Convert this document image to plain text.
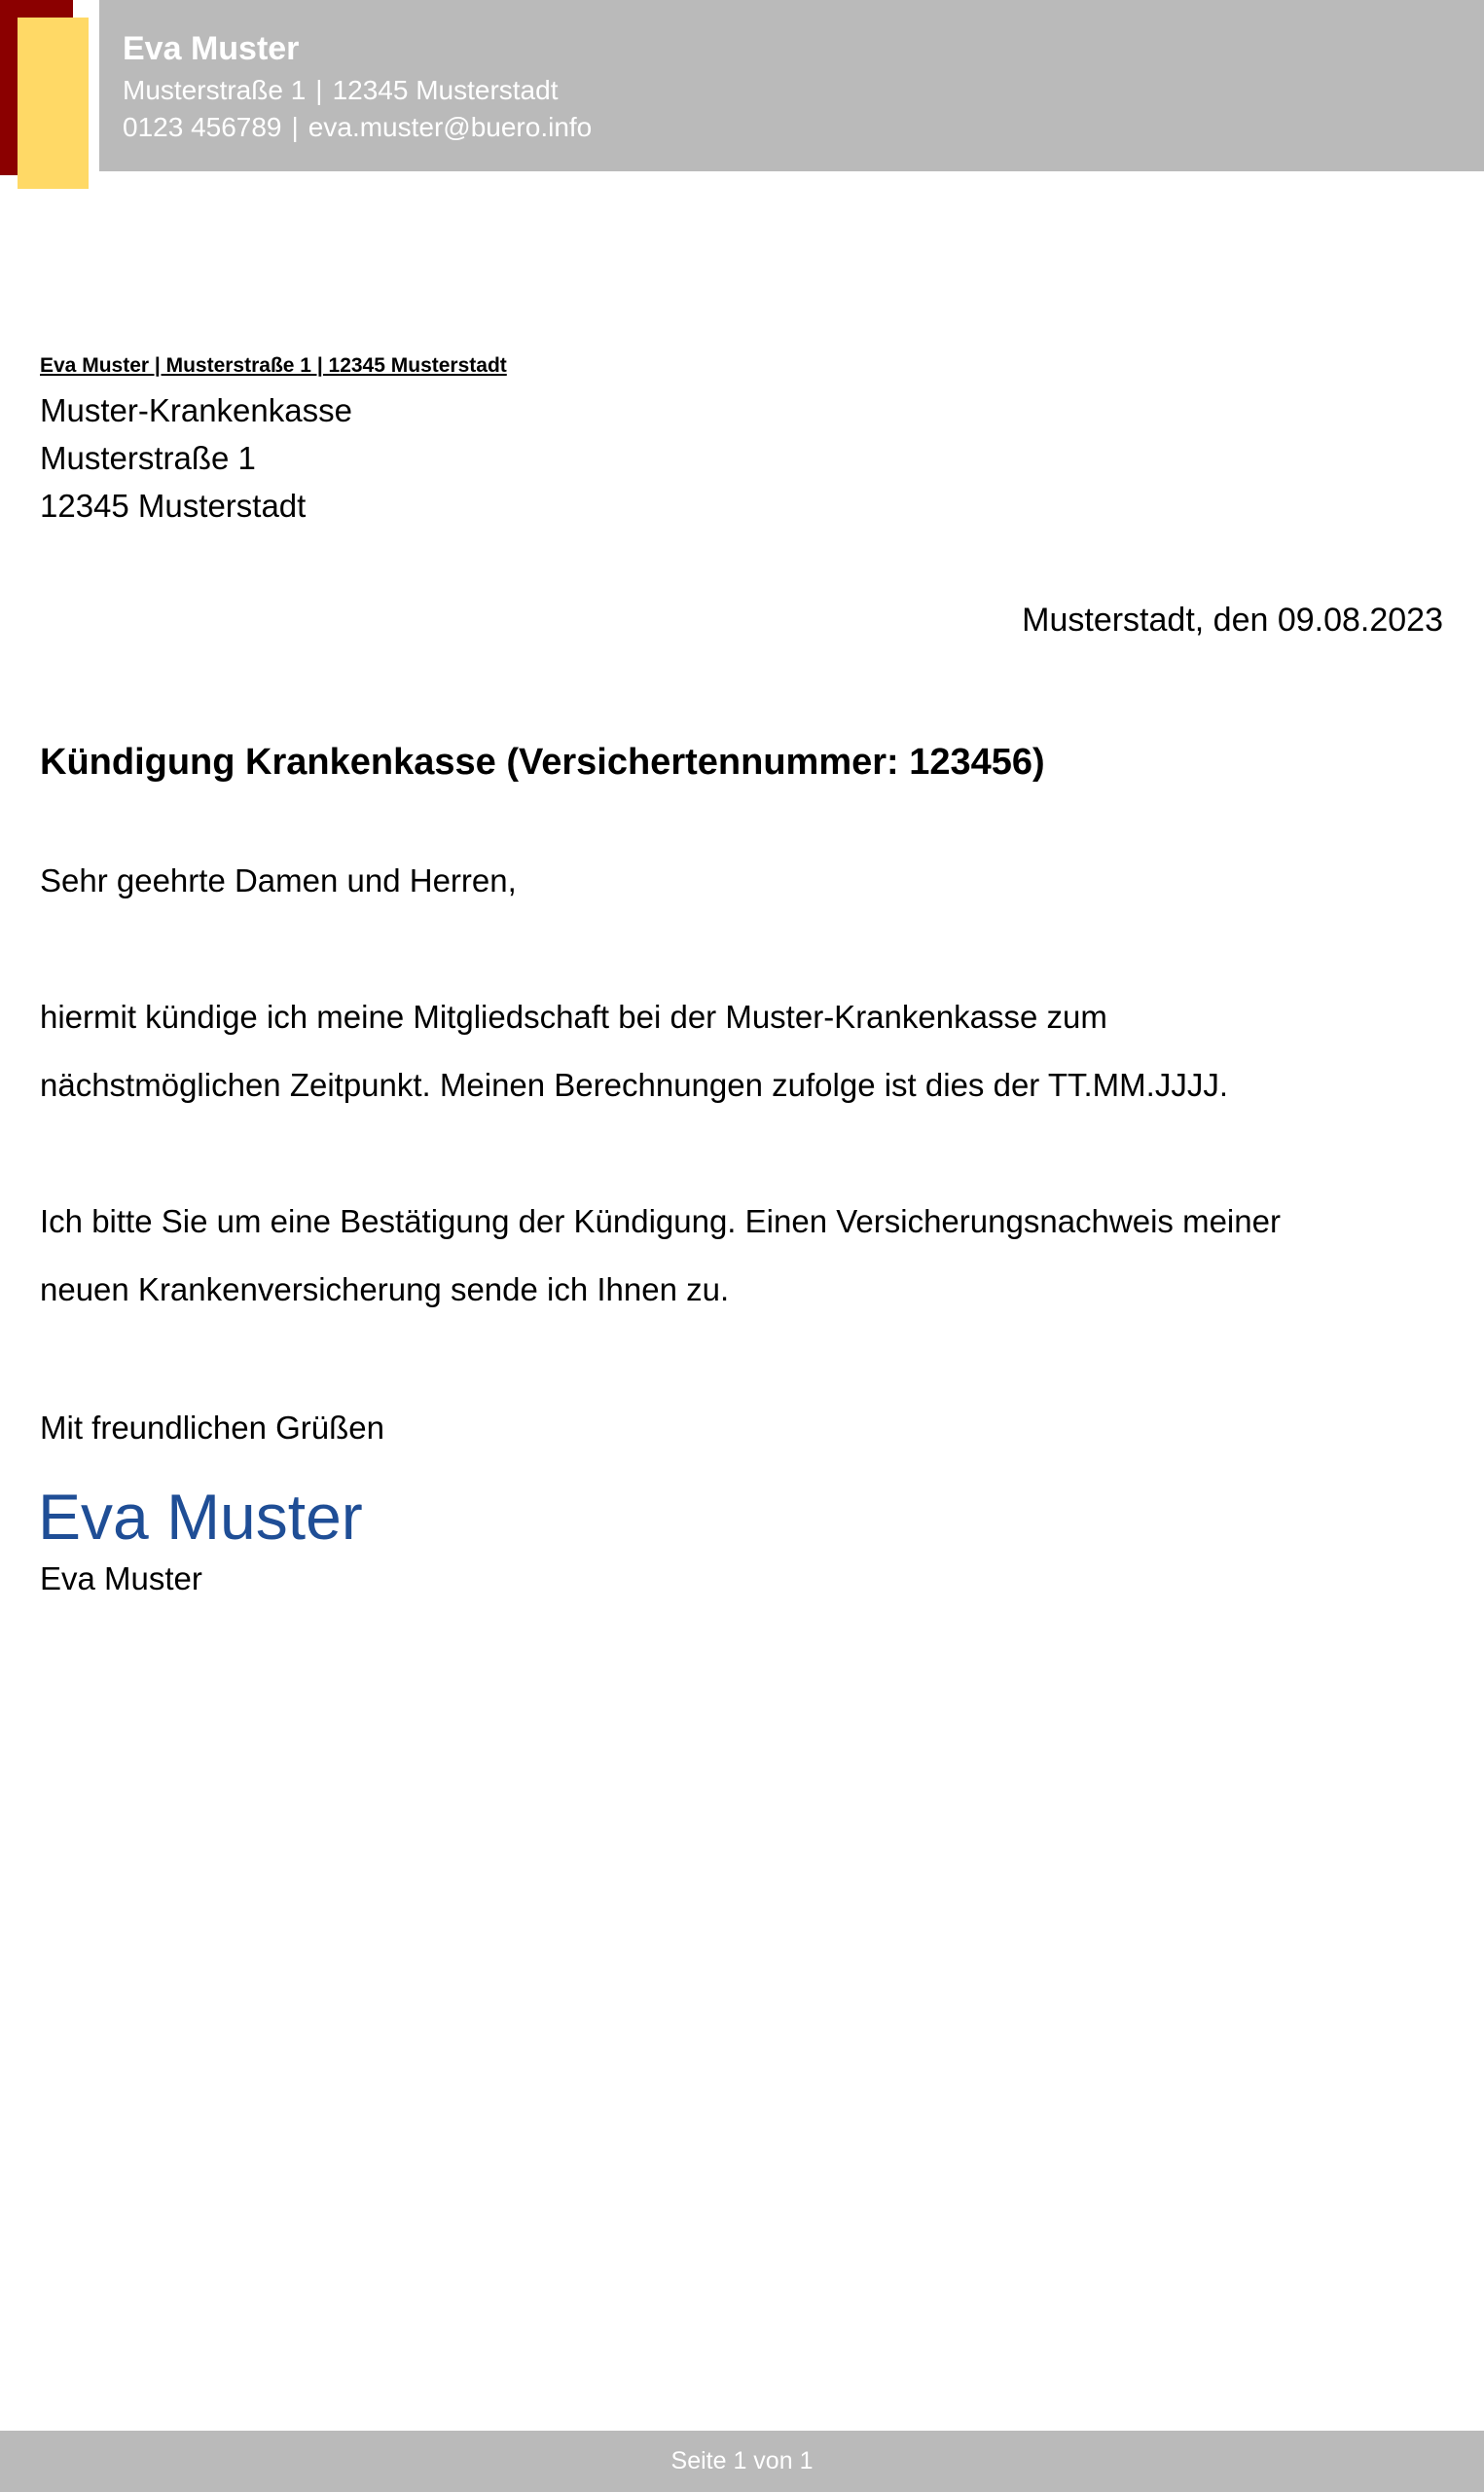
Eva Muster
Musterstraße 1 | 12345 Musterstadt
0123 456789 | eva.muster@buero.info
Eva Muster | Musterstraße 1 | 12345 Musterstadt
Muster-Krankenkasse
Musterstraße 1
12345 Musterstadt
Musterstadt, den 09.08.2023
Kündigung Krankenkasse (Versichertennummer: 123456)
Sehr geehrte Damen und Herren,
hiermit kündige ich meine Mitgliedschaft bei der Muster-Krankenkasse zum
nächstmöglichen Zeitpunkt. Meinen Berechnungen zufolge ist dies der TT.MM.JJJJ.
Ich bitte Sie um eine Bestätigung der Kündigung. Einen Versicherungsnachweis meiner
neuen Krankenversicherung sende ich Ihnen zu.
Mit freundlichen Grüßen
Eva Muster
Eva Muster
Seite 1 von 1
